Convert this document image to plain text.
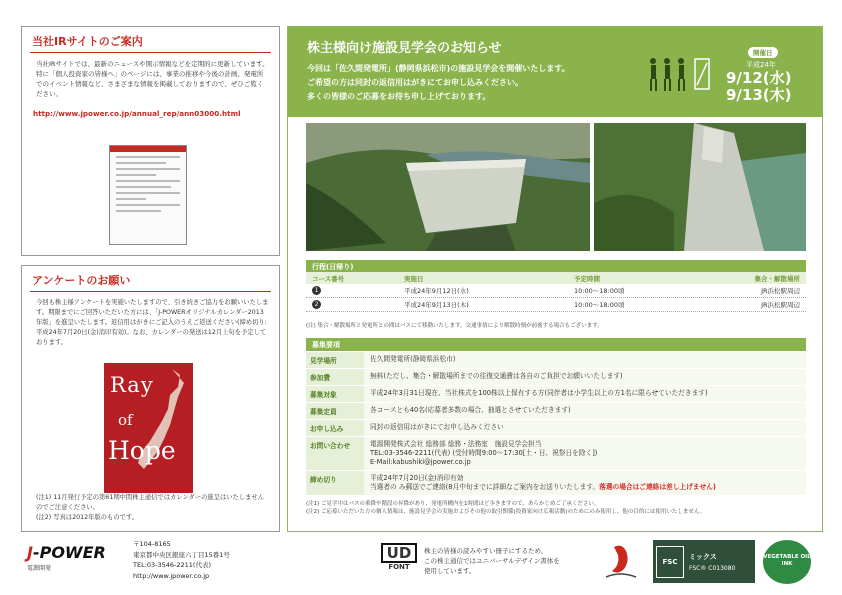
当社IRサイトのご案内

当社IRサイトでは、最新のニュースや開示情報などを定期的に更新しています。特に「個人投資家の皆様へ」のページには、事業の推移や今後の計画、発電所でのイベント情報など、さまざまな情報を掲載しておりますので、ぜひご覧ください。

http://www.jpower.co.jp/annual_rep/ann03000.html
アンケートのお願い

今回も株主様アンケートを実施いたしますので、引き続きご協力をお願いいたします。期限までにご回答いただいた方には、「J-POWERオリジナルカレンダー2013年版」を進呈いたします。返信用はがきにご記入のうえご返送ください(締め切り:平成24年7月20日(金)消印有効)。なお、カレンダーの発送は12月上旬を予定しております。

Ray
of
Hope
(注1) 11月発行予定の第61期中間株主通信ではカレンダーの進呈はいたしませんのでご注意ください。
(注2) 写真は2012年版のものです。
株主様向け施設見学会のお知らせ

今回は「佐久間発電所」(静岡県浜松市)の施設見学会を開催いたします。

ご希望の方は同封の返信用はがきにてお申し込みください。

多くの皆様のご応募をお待ち申し上げております。

開催日
平成24年
9/12(水)
9/13(木)
行程(日帰り)
コース番号	実施日	予定時間	集合・解散場所
1	平成24年9月12日(水)	10:00〜18:00頃	JR浜松駅周辺
2	平成24年9月13日(木)	10:00〜18:00頃	JR浜松駅周辺
(注) 集合・解散場所と発電所との間はバスにて移動いたします。交通事情により解散時刻が前後する場合もございます。
募集要項
見学場所	佐久間発電所(静岡県浜松市)
参加費	無料(ただし、集合・解散場所までの往復交通費は各自のご負担でお願いいたします)
募集対象	平成24年3月31日現在、当社株式を100株以上保有する方(同伴者は小学生以上の方1名に限らせていただきます)
募集定員	各コースとも40名(応募者多数の場合、抽選とさせていただきます)
お申し込み	同封の返信用はがきにてお申し込みください
お問い合わせ	電源開発株式会社 総務部 総務・法務室　施設見学会担当
TEL:03-3546-2211(代表) (受付時間9:00〜17:30[土・日、祝祭日を除く])
E-Mail:kabushiki@jpower.co.jp
締め切り	平成24年7月20日(金)消印有効
当選者の み郵送でご連絡(8月中旬までに詳細なご案内をお送りいたします。落選の場合はご連絡は差し上げません)
(注1) ご見学中はバスの乗降や階段の昇降があり、発電所構内を1時間ほど歩きますので、あらかじめご了承ください。
(注2) ご応募いただいた方の個人情報は、施設見学会の実施およびその他の取引関係(投資家向け広報活動)のためにのみ使用し、他の目的には使用いたしません。
J-POWER
電源開発
〒104-8165
東京都中央区銀座六丁目15番1号
TEL:03-3546-2211(代表)
http://www.jpower.co.jp
UD
FONT
株主の皆様の読みやすい冊子にするため、
この株主通信ではユニバーサルデザイン書体を
使用しています。
FSC
ミックス
FSC® C013080
VEGETABLE OIL INK
